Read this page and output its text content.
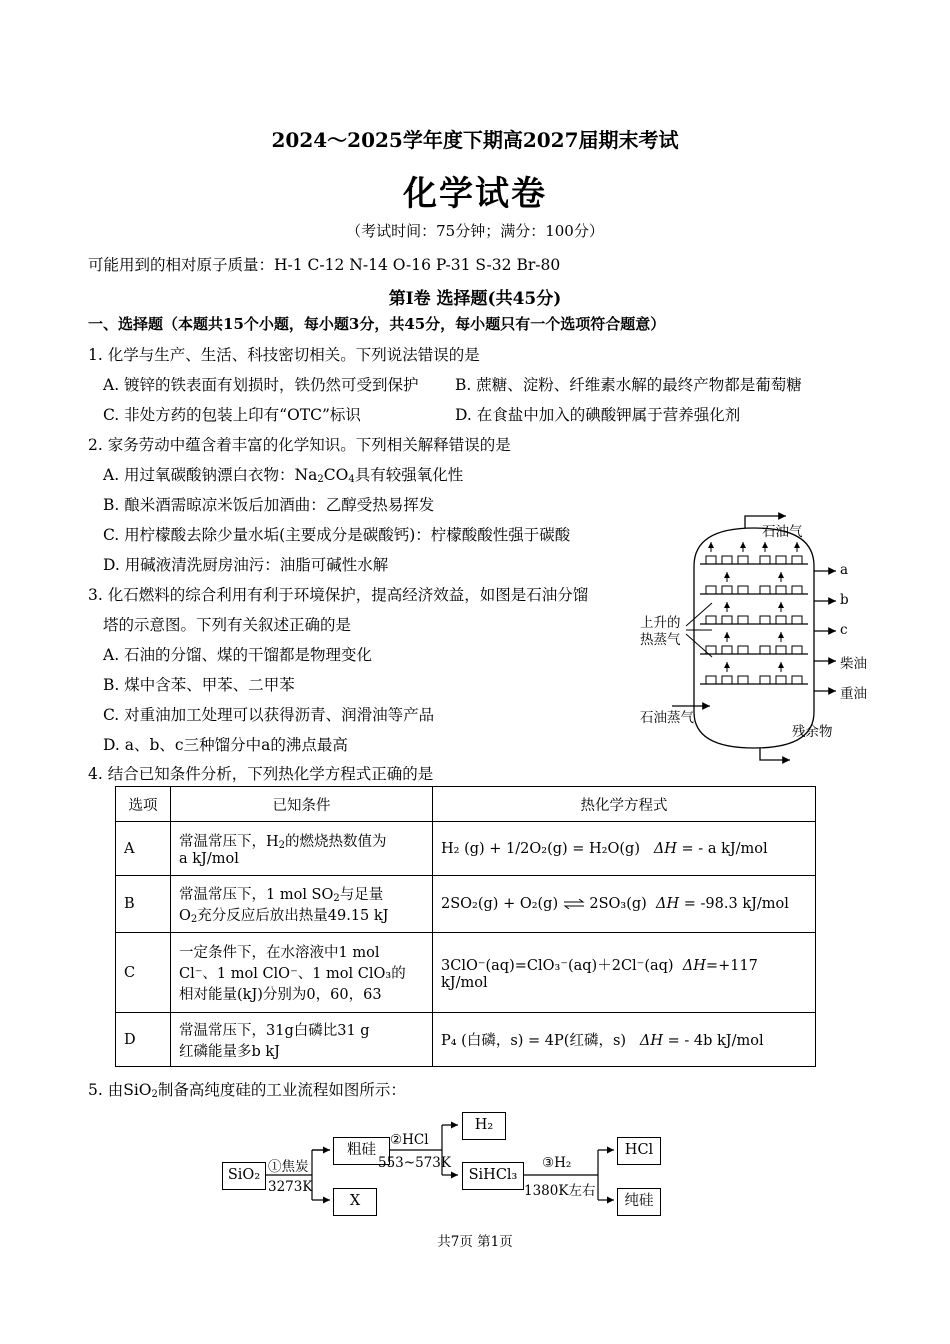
2024～2025学年度下期高2027届期末考试
化学试卷
（考试时间：75分钟；满分：100分）
可能用到的相对原子质量：H-1 C-12 N-14 O-16 P-31 S-32 Br-80
第Ⅰ卷 选择题(共45分)
一、选择题（本题共15个小题，每小题3分，共45分，每小题只有一个选项符合题意）
1. 化学与生产、生活、科技密切相关。下列说法错误的是
A. 镀锌的铁表面有划损时，铁仍然可受到保护 B. 蔗糖、淀粉、纤维素水解的最终产物都是葡萄糖
C. 非处方药的包装上印有“OTC”标识	D. 在食盐中加入的碘酸钾属于营养强化剂
2. 家务劳动中蕴含着丰富的化学知识。下列相关解释错误的是
A. 用过氧碳酸钠漂白衣物：$Na_2CO_4$具有较强氧化性
B. 酿米酒需晾凉米饭后加酒曲：乙醇受热易挥发
C. 用柠檬酸去除少量水垢(主要成分是碳酸钙)：柠檬酸酸性强于碳酸
D. 用碱液清洗厨房油污：油脂可碱性水解
3. 化石燃料的综合利用有利于环境保护，提高经济效益，如图是石油分馏
塔的示意图。下列有关叙述正确的是
A. 石油的分馏、煤的干馏都是物理变化
B. 煤中含苯、甲苯、二甲苯
C. 对重油加工处理可以获得沥青、润滑油等产品
D. a、b、c三种馏分中a的沸点最高
石油气
a
b
c
柴油
重油
上升的
热蒸气
石油蒸气
残余物
4. 结合已知条件分析，下列热化学方程式正确的是
选项	已知条件	热化学方程式
A	常温常压下，$H_2$的燃烧热数值为
a kJ/mol	H₂ (g) + 1/2O₂(g) = H₂O(g) ΔH = - a kJ/mol
B	常温常压下，1 mol $SO_2$与足量
$O_2$充分反应后放出热量49.15 kJ	2SO₂(g) + O₂(g) ⇌ 2SO₃(g) ΔH = -98.3 kJ/mol
C	一定条件下，在水溶液中1 mol
Cl⁻、1 mol ClO⁻、1 mol ClO₃的
相对能量(kJ)分别为0，60，63	3ClO⁻(aq)=ClO₃⁻(aq)＋2Cl⁻(aq) ΔH=+117 kJ/mol
D	常温常压下，31g白磷比31 g
红磷能量多b kJ	P₄ (白磷，s) = 4P(红磷，s) ΔH = - 4b kJ/mol
5. 由SiO$_2$制备高纯度硅的工业流程如图所示：
SiO₂ ①焦炭
3273K
粗硅
X
②HCl
553~573K
H₂
SiHCl₃
③H₂
1380K左右
HCl
纯硅
共7页 第1页
